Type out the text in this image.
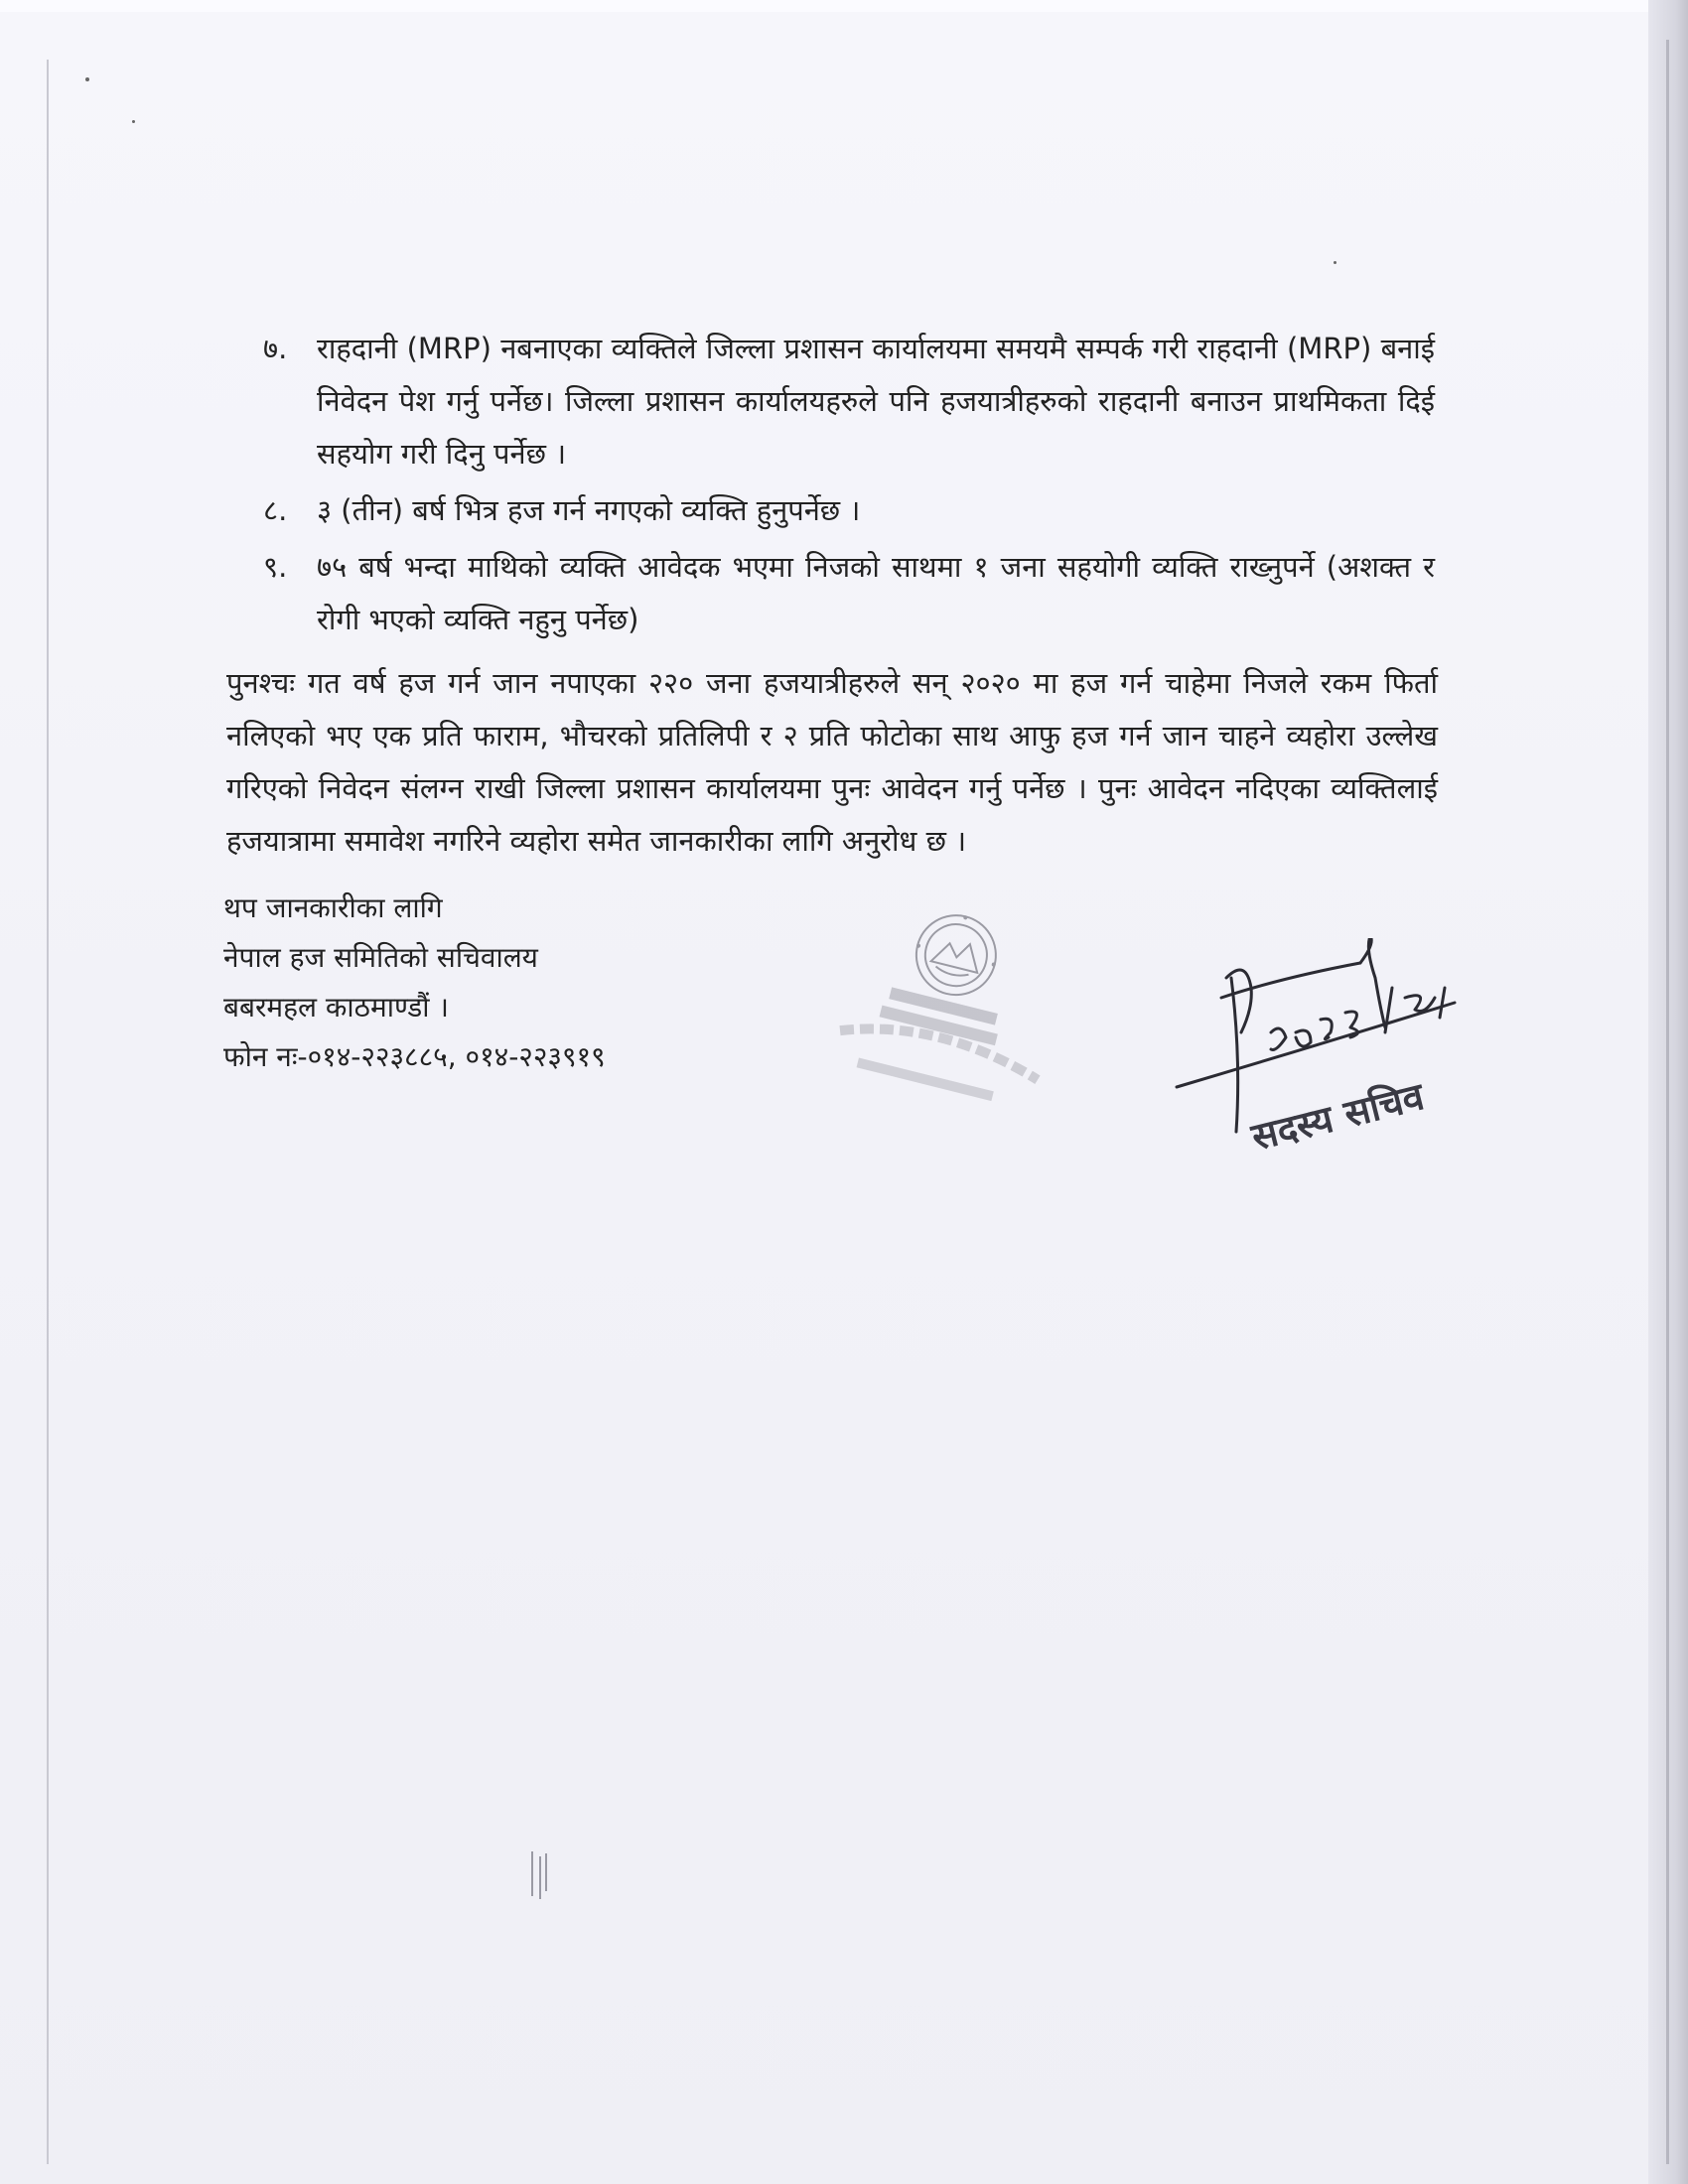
७. राहदानी (MRP) नबनाएका व्यक्तिले जिल्ला प्रशासन कार्यालयमा समयमै सम्पर्क गरी राहदानी (MRP) बनाई निवेदन पेश गर्नु पर्नेछ। जिल्ला प्रशासन कार्यालयहरुले पनि हजयात्रीहरुको राहदानी बनाउन प्राथमिकता दिई सहयोग गरी दिनु पर्नेछ ।
८. ३ (तीन) बर्ष भित्र हज गर्न नगएको व्यक्ति हुनुपर्नेछ ।
९. ७५ बर्ष भन्दा माथिको व्यक्ति आवेदक भएमा निजको साथमा १ जना सहयोगी व्यक्ति राख्नुपर्ने (अशक्त र रोगी भएको व्यक्ति नहुनु पर्नेछ)
पुनश्चः गत वर्ष हज गर्न जान नपाएका २२० जना हजयात्रीहरुले सन् २०२० मा हज गर्न चाहेमा निजले रकम फिर्ता नलिएको भए एक प्रति फाराम, भौचरको प्रतिलिपी र २ प्रति फोटोका साथ आफु हज गर्न जान चाहने व्यहोरा उल्लेख गरिएको निवेदन संलग्न राखी जिल्ला प्रशासन कार्यालयमा पुनः आवेदन गर्नु पर्नेछ । पुनः आवेदन नदिएका व्यक्तिलाई हजयात्रामा समावेश नगरिने व्यहोरा समेत जानकारीका लागि अनुरोध छ ।
थप जानकारीका लागि
नेपाल हज समितिको सचिवालय
बबरमहल काठमाण्डौं ।
फोन नः-०१४-२२३८८५, ०१४-२२३९१९
सदस्य सचिव
